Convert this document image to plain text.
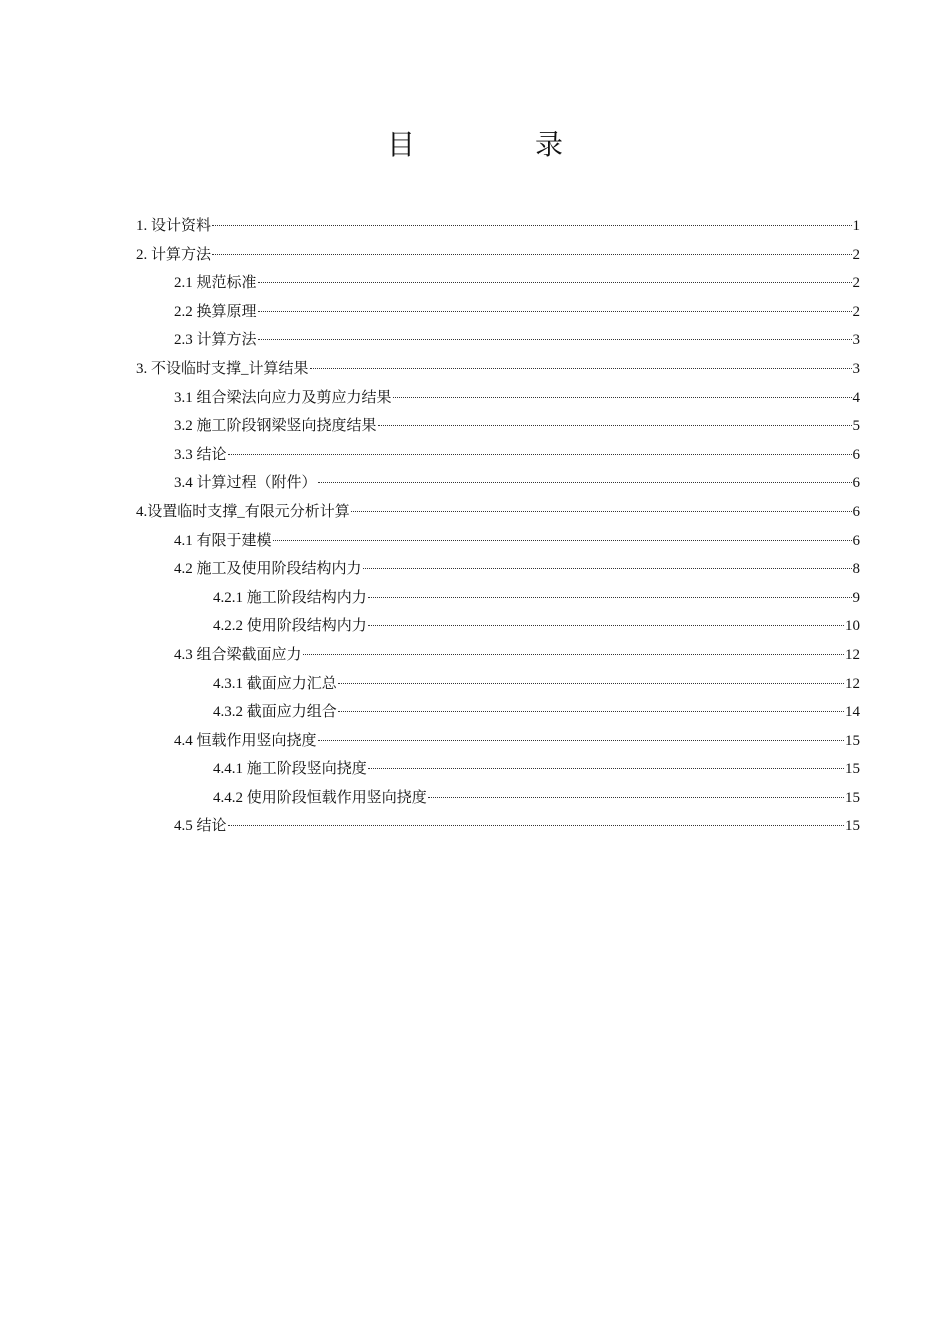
目　录
1. 设计资料	1
2. 计算方法	2
2.1 规范标准	2
2.2 换算原理	2
2.3 计算方法	3
3. 不设临时支撑_计算结果	3
3.1 组合梁法向应力及剪应力结果	4
3.2 施工阶段钢梁竖向挠度结果	5
3.3 结论	6
3.4 计算过程（附件）	6
4.设置临时支撑_有限元分析计算	6
4.1 有限于建模	6
4.2 施工及使用阶段结构内力	8
4.2.1 施工阶段结构内力	9
4.2.2 使用阶段结构内力	10
4.3 组合梁截面应力	12
4.3.1 截面应力汇总	12
4.3.2 截面应力组合	14
4.4 恒载作用竖向挠度	15
4.4.1 施工阶段竖向挠度	15
4.4.2 使用阶段恒载作用竖向挠度	15
4.5 结论	15
